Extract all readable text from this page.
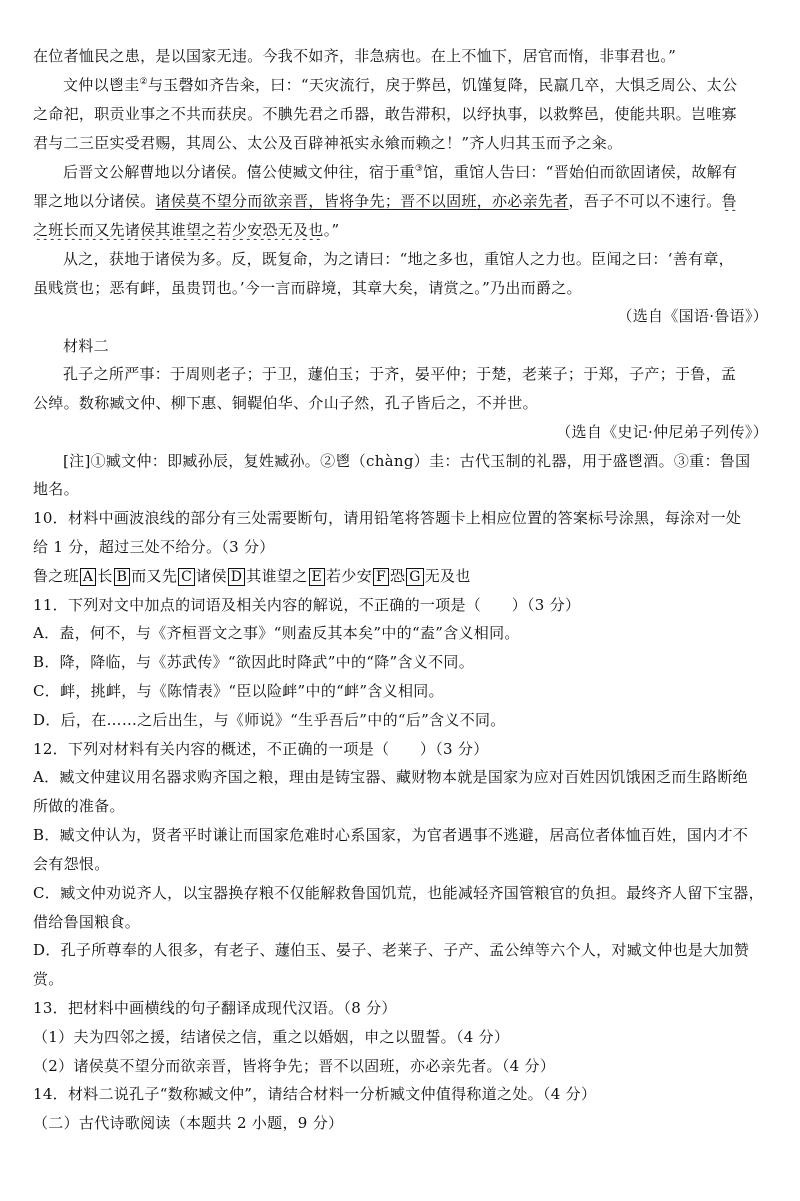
在位者恤民之患，是以国家无违。今我不如齐，非急病也。在上不恤下，居官而惰，非事君也。”

文仲以鬯圭②与玉磬如齐告籴，曰：“天灾流行，戾于弊邑，饥馑复降，民羸几卒，大惧乏周公、太公

之命祀，职贡业事之不共而获戾。不腆先君之币器，敢告滞积，以纾执事，以救弊邑，使能共职。岂唯寡

君与二三臣实受君赐，其周公、太公及百辟神祇实永飨而赖之！”齐人归其玉而予之籴。

后晋文公解曹地以分诸侯。僖公使臧文仲往，宿于重③馆，重馆人告曰：“晋始伯而欲固诸侯，故解有

罪之地以分诸侯。诸侯莫不望分而欲亲晋，皆将争先；晋不以固班，亦必亲先者，吾子不可以不速行。鲁

之班长而又先诸侯其谁望之若少安恐无及也。”

从之，获地于诸侯为多。反，既复命，为之请曰：“地之多也，重馆人之力也。臣闻之曰：‘善有章，

虽贱赏也；恶有衅，虽贵罚也。’今一言而辟境，其章大矣，请赏之。”乃出而爵之。

（选自《国语·鲁语》）

材料二

孔子之所严事：于周则老子；于卫，蘧伯玉；于齐，晏平仲；于楚，老莱子；于郑，子产；于鲁，孟

公绰。数称臧文仲、柳下惠、铜鞮伯华、介山子然，孔子皆后之，不并世。

（选自《史记·仲尼弟子列传》）

[注]①臧文仲：即臧孙辰，复姓臧孙。②鬯（chàng）圭：古代玉制的礼器，用于盛鬯酒。③重：鲁国

地名。

10．材料中画波浪线的部分有三处需要断句，请用铅笔将答题卡上相应位置的答案标号涂黑，每涂对一处

给 1 分，超过三处不给分。（3 分）

鲁之班 A 长 B 而又先 C 诸侯 D 其谁望之 E 若少安 F 恐 G 无及也

11．下列对文中加点的词语及相关内容的解说，不正确的一项是（　　）（3 分）

A．盍，何不，与《齐桓晋文之事》“则盍反其本矣”中的“盍”含义相同。

B．降，降临，与《苏武传》“欲因此时降武”中的“降”含义不同。

C．衅，挑衅，与《陈情表》“臣以险衅”中的“衅”含义相同。

D．后，在……之后出生，与《师说》“生乎吾后”中的“后”含义不同。

12．下列对材料有关内容的概述，不正确的一项是（　　）（3 分）

A．臧文仲建议用名器求购齐国之粮，理由是铸宝器、藏财物本就是国家为应对百姓因饥饿困乏而生路断绝

所做的准备。

B．臧文仲认为，贤者平时谦让而国家危难时心系国家，为官者遇事不逃避，居高位者体恤百姓，国内才不

会有怨恨。

C．臧文仲劝说齐人，以宝器换存粮不仅能解救鲁国饥荒，也能减轻齐国管粮官的负担。最终齐人留下宝器，

借给鲁国粮食。

D．孔子所尊奉的人很多，有老子、蘧伯玉、晏子、老莱子、子产、孟公绰等六个人，对臧文仲也是大加赞

赏。

13．把材料中画横线的句子翻译成现代汉语。（8 分）

（1）夫为四邻之援，结诸侯之信，重之以婚姻，申之以盟誓。（4 分）

（2）诸侯莫不望分而欲亲晋，皆将争先；晋不以固班，亦必亲先者。（4 分）

14．材料二说孔子“数称臧文仲”，请结合材料一分析臧文仲值得称道之处。（4 分）

（二）古代诗歌阅读（本题共 2 小题，9 分）
